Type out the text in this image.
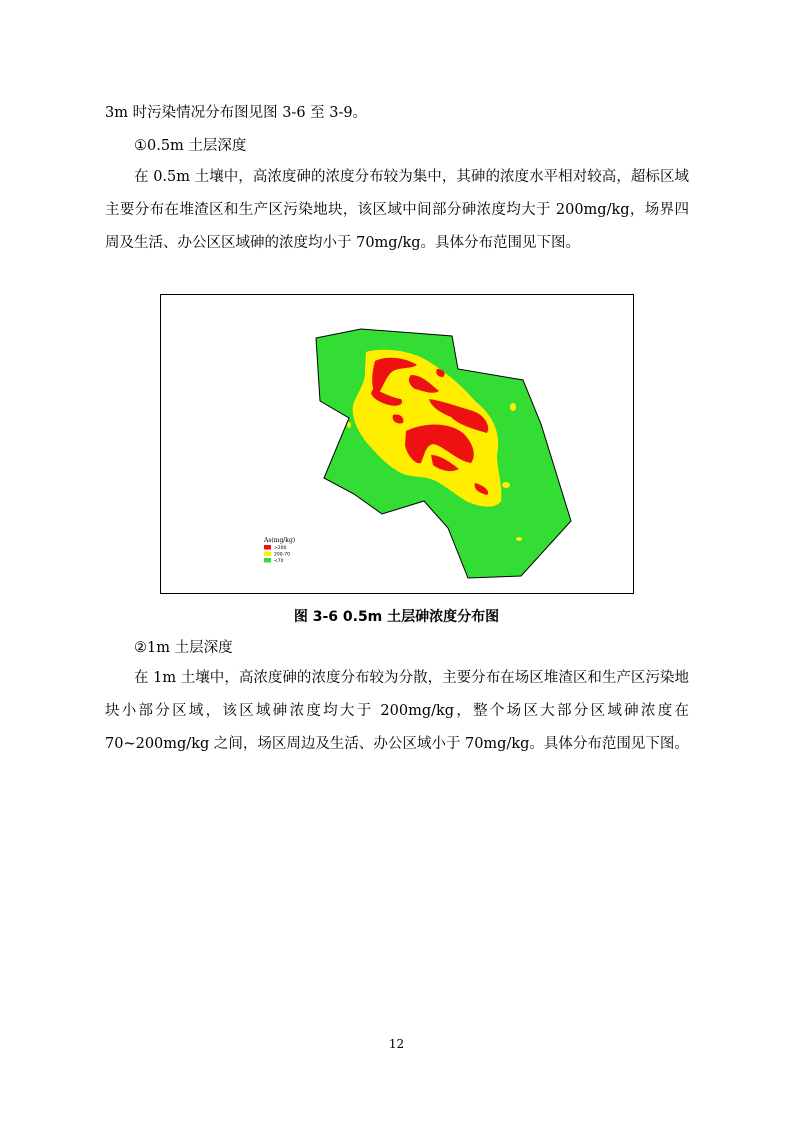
3m 时污染情况分布图见图 3-6 至 3-9。
①0.5m 土层深度
在 0.5m 土壤中，高浓度砷的浓度分布较为集中，其砷的浓度水平相对较高，超标区域主要分布在堆渣区和生产区污染地块，该区域中间部分砷浓度均大于 200mg/kg，场界四周及生活、办公区区域砷的浓度均小于 70mg/kg。具体分布范围见下图。
As(mg/kg)
>200
200-70
<70
图 3-6 0.5m 土层砷浓度分布图
②1m 土层深度
在 1m 土壤中，高浓度砷的浓度分布较为分散，主要分布在场区堆渣区和生产区污染地块小部分区域，该区域砷浓度均大于 200mg/kg，整个场区大部分区域砷浓度在 70~200mg/kg 之间，场区周边及生活、办公区域小于 70mg/kg。具体分布范围见下图。
12
